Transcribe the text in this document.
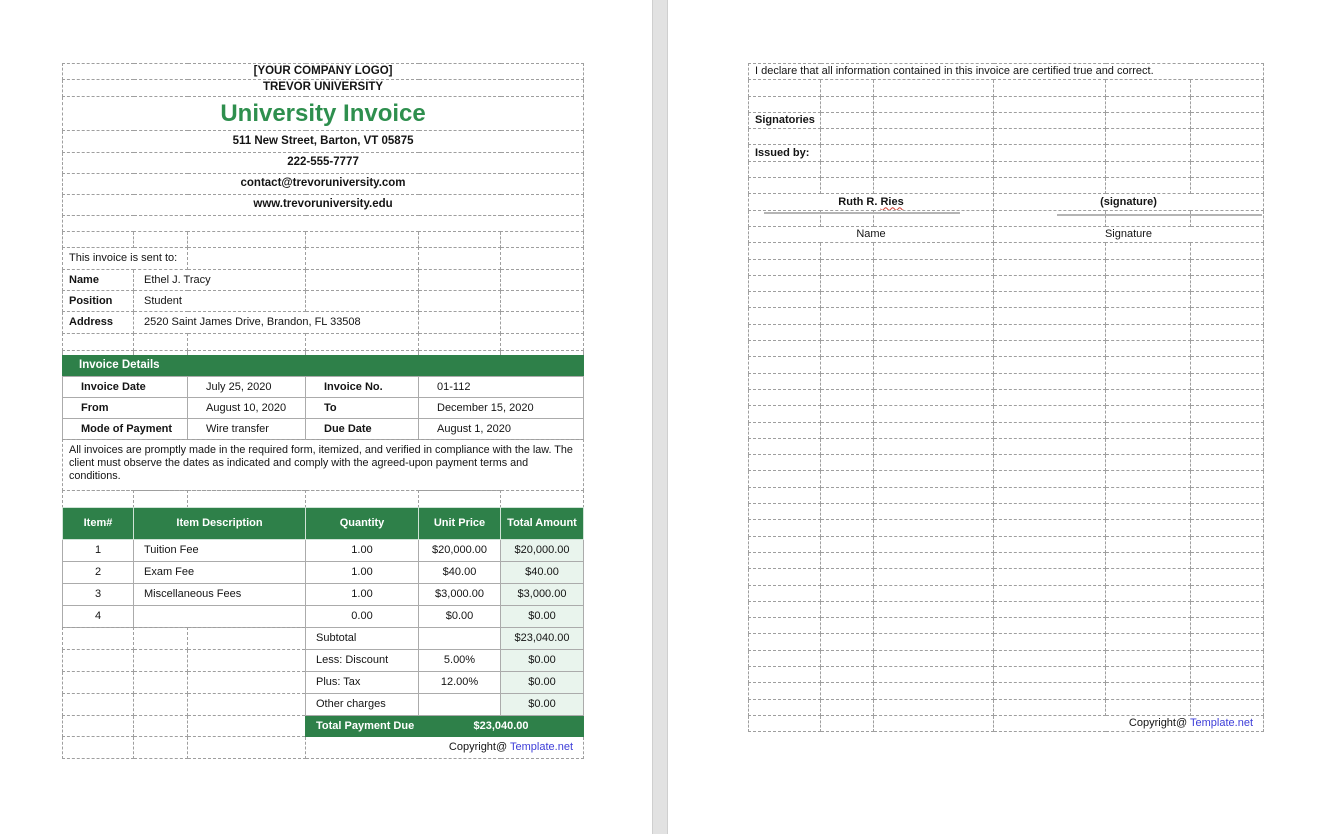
[YOUR COMPANY LOGO]
TREVOR UNIVERSITY
University Invoice
511 New Street, Barton, VT 05875
222-555-7777
contact@trevoruniversity.com
www.trevoruniversity.edu

This invoice is sent to:					
Name	Ethel J. Tracy				
Position	Student				
Address	2520 Saint James Drive, Brandon, FL 33508				

Invoice Details
Invoice Date	July 25, 2020	Invoice No.	01-112
From	August 10, 2020	To	December 15, 2020
Mode of Payment	Wire transfer	Due Date	August 1, 2020
All invoices are promptly made in the required form, itemized, and verified in compliance with the law. The client must observe the dates as indicated and comply with the agreed-upon payment terms and conditions.

Item#	Item Description	Quantity	Unit Price	Total Amount
1	Tuition Fee	1.00	$20,000.00	$20,000.00
2	Exam Fee	1.00	$40.00	$40.00
3	Miscellaneous Fees	1.00	$3,000.00	$3,000.00
4		0.00	$0.00	$0.00
			Subtotal		$23,040.00
			Less: Discount	5.00%	$0.00
			Plus: Tax	12.00%	$0.00
			Other charges		$0.00
			Total Payment Due	$23,040.00	
			Copyright@ Template.net		
I declare that all information contained in this invoice are certified true and correct.					

Signatories					

Issued by:					

Ruth R. Ries			(signature)		

Name			Signature		

			Copyright@ Template.net		
